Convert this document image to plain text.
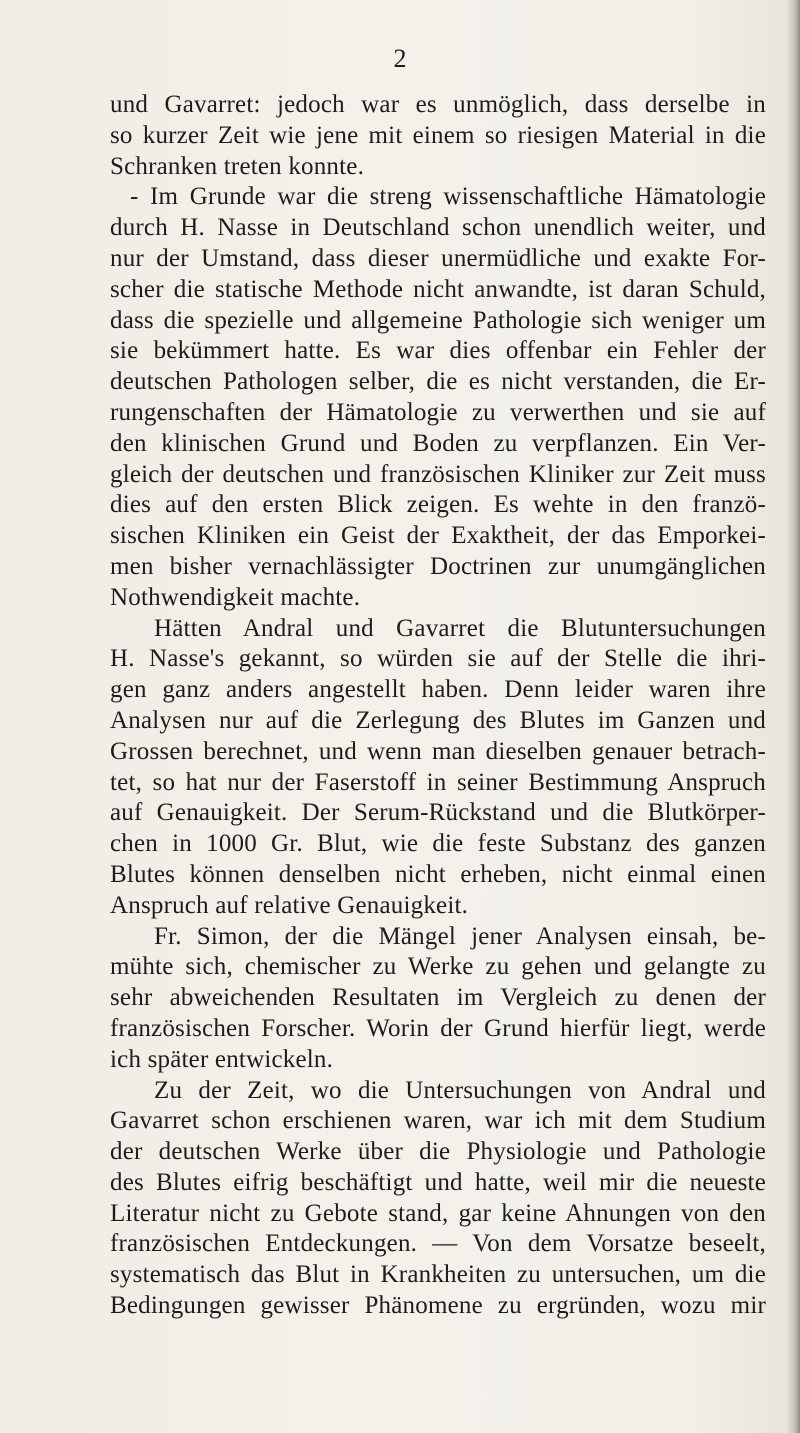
2
und Gavarret: jedoch war es unmöglich, dass derselbe in
so kurzer Zeit wie jene mit einem so riesigen Material in die
Schranken treten konnte.
- Im Grunde war die streng wissenschaftliche Hämatologie
durch H. Nasse in Deutschland schon unendlich weiter, und
nur der Umstand, dass dieser unermüdliche und exakte For-
scher die statische Methode nicht anwandte, ist daran Schuld,
dass die spezielle und allgemeine Pathologie sich weniger um
sie bekümmert hatte. Es war dies offenbar ein Fehler der
deutschen Pathologen selber, die es nicht verstanden, die Er-
rungenschaften der Hämatologie zu verwerthen und sie auf
den klinischen Grund und Boden zu verpflanzen. Ein Ver-
gleich der deutschen und französischen Kliniker zur Zeit muss
dies auf den ersten Blick zeigen. Es wehte in den franzö-
sischen Kliniken ein Geist der Exaktheit, der das Emporkei-
men bisher vernachlässigter Doctrinen zur unumgänglichen
Nothwendigkeit machte.
Hätten Andral und Gavarret die Blutuntersuchungen
H. Nasse's gekannt, so würden sie auf der Stelle die ihri-
gen ganz anders angestellt haben. Denn leider waren ihre
Analysen nur auf die Zerlegung des Blutes im Ganzen und
Grossen berechnet, und wenn man dieselben genauer betrach-
tet, so hat nur der Faserstoff in seiner Bestimmung Anspruch
auf Genauigkeit. Der Serum-Rückstand und die Blutkörper-
chen in 1000 Gr. Blut, wie die feste Substanz des ganzen
Blutes können denselben nicht erheben, nicht einmal einen
Anspruch auf relative Genauigkeit.
Fr. Simon, der die Mängel jener Analysen einsah, be-
mühte sich, chemischer zu Werke zu gehen und gelangte zu
sehr abweichenden Resultaten im Vergleich zu denen der
französischen Forscher. Worin der Grund hierfür liegt, werde
ich später entwickeln.
Zu der Zeit, wo die Untersuchungen von Andral und
Gavarret schon erschienen waren, war ich mit dem Studium
der deutschen Werke über die Physiologie und Pathologie
des Blutes eifrig beschäftigt und hatte, weil mir die neueste
Literatur nicht zu Gebote stand, gar keine Ahnungen von den
französischen Entdeckungen. — Von dem Vorsatze beseelt,
systematisch das Blut in Krankheiten zu untersuchen, um die
Bedingungen gewisser Phänomene zu ergründen, wozu mir
